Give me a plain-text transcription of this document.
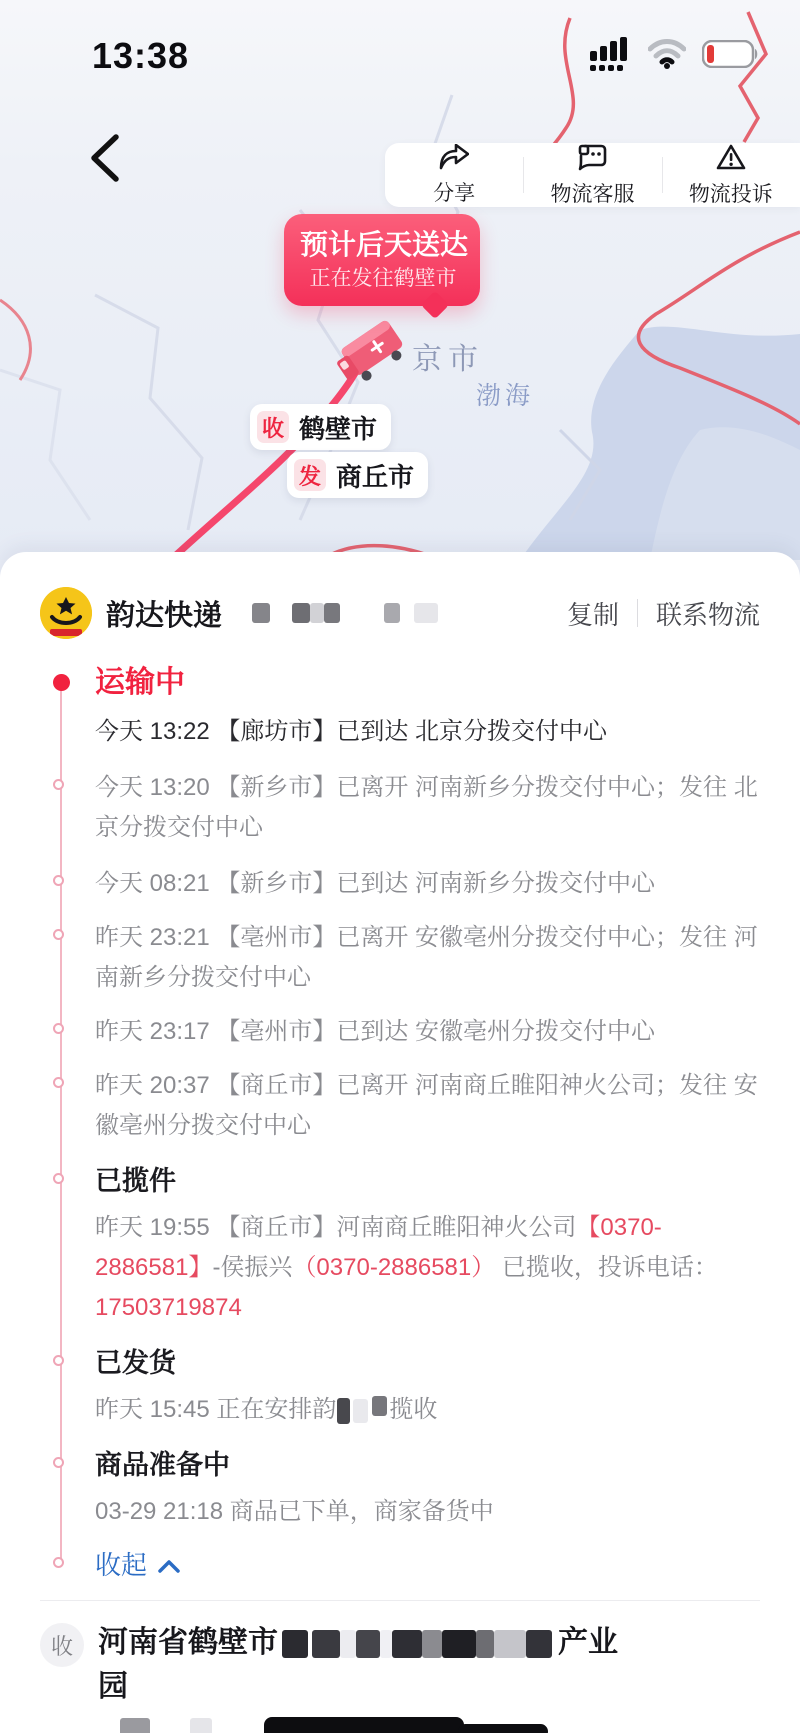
13:38
分享	物流客服	物流投诉
预计后天送达
正在发往鹤壁市
京市
渤海
收 鹤壁市
发 商丘市
韵达快递	复制 联系物流
运输中
今天 13:22 【廊坊市】已到达 北京分拨交付中心
今天 13:20 【新乡市】已离开 河南新乡分拨交付中心；发往 北京分拨交付中心
今天 08:21 【新乡市】已到达 河南新乡分拨交付中心
昨天 23:21 【亳州市】已离开 安徽亳州分拨交付中心；发往 河南新乡分拨交付中心
昨天 23:17 【亳州市】已到达 安徽亳州分拨交付中心
昨天 20:37 【商丘市】已离开 河南商丘睢阳神火公司；发往 安徽亳州分拨交付中心
已揽件
昨天 19:55 【商丘市】河南商丘睢阳神火公司【0370-2886581】-侯振兴（0370-2886581） 已揽收，投诉电话：17503719874
已发货
昨天 15:45 正在安排韵 揽收
商品准备中
03-29 21:18 商品已下单，商家备货中
收起
收 河南省鹤壁市	产业
园
